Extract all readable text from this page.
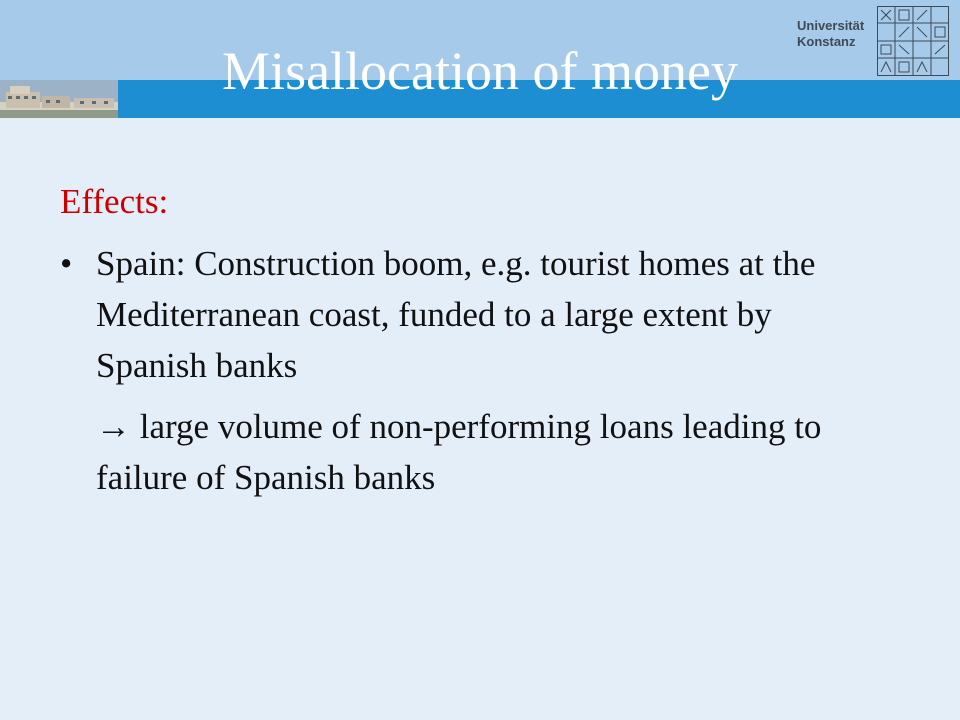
Universität
Konstanz
Misallocation of money
Effects:
• Spain: Construction boom, e.g. tourist homes at the Mediterranean coast, funded to a large extent by Spanish banks
→ large volume of non-performing loans leading to failure of Spanish banks
